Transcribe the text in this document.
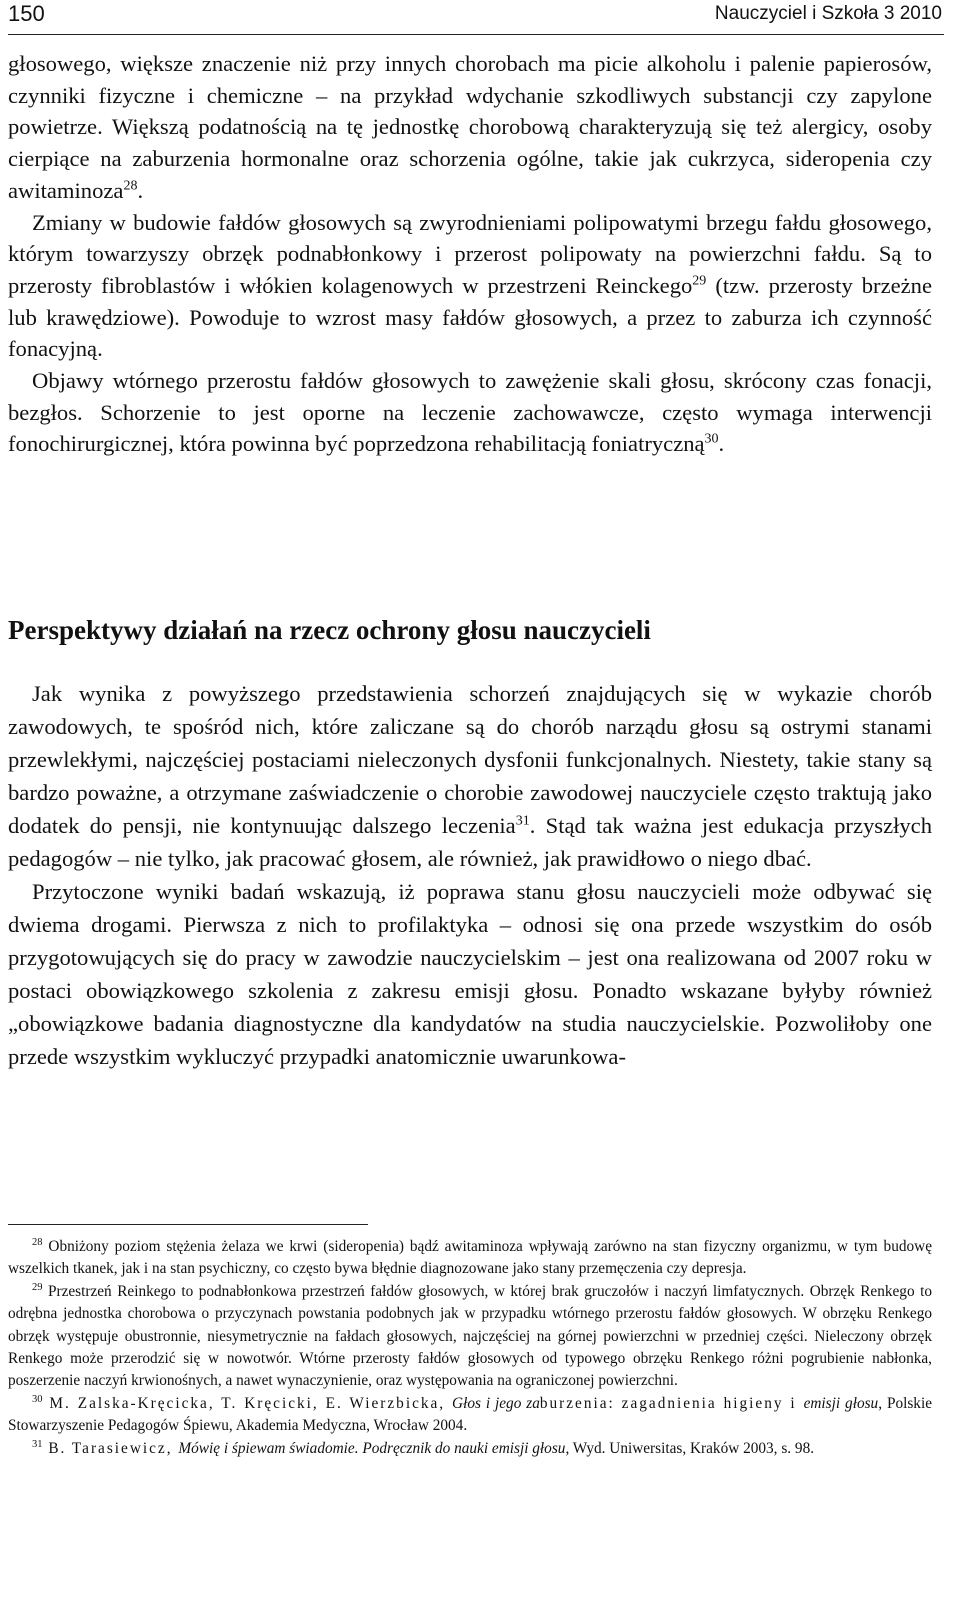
150	Nauczyciel i Szkoła 3 2010

głosowego, większe znaczenie niż przy innych chorobach ma picie alkoholu i palenie papierosów, czynniki fizyczne i chemiczne – na przykład wdychanie szkodliwych substancji czy zapylone powietrze. Większą podatnością na tę jednostkę chorobową charakteryzują się też alergicy, osoby cierpiące na zaburzenia hormonalne oraz schorzenia ogólne, takie jak cukrzyca, sideropenia czy awitaminoza$^{28}$.

Zmiany w budowie fałdów głosowych są zwyrodnieniami polipowatymi brzegu fałdu głosowego, którym towarzyszy obrzęk podnabłonkowy i przerost polipowaty na powierzchni fałdu. Są to przerosty fibroblastów i włókien kolagenowych w przestrzeni Reinckego$^{29}$ (tzw. przerosty brzeżne lub krawędziowe). Powoduje to wzrost masy fałdów głosowych, a przez to zaburza ich czynność fonacyjną.

Objawy wtórnego przerostu fałdów głosowych to zawężenie skali głosu, skrócony czas fonacji, bezgłos. Schorzenie to jest oporne na leczenie zachowawcze, często wymaga interwencji fonochirurgicznej, która powinna być poprzedzona rehabilitacją foniatryczną$^{30}$.

Perspektywy działań na rzecz ochrony głosu nauczycieli

Jak wynika z powyższego przedstawienia schorzeń znajdujących się w wykazie chorób zawodowych, te spośród nich, które zaliczane są do chorób narządu głosu są ostrymi stanami przewlekłymi, najczęściej postaciami nieleczonych dysfonii funkcjonalnych. Niestety, takie stany są bardzo poważne, a otrzymane zaświadczenie o chorobie zawodowej nauczyciele często traktują jako dodatek do pensji, nie kontynuując dalszego leczenia$^{31}$. Stąd tak ważna jest edukacja przyszłych pedagogów – nie tylko, jak pracować głosem, ale również, jak prawidłowo o niego dbać.

Przytoczone wyniki badań wskazują, iż poprawa stanu głosu nauczycieli może odbywać się dwiema drogami. Pierwsza z nich to profilaktyka – odnosi się ona przede wszystkim do osób przygotowujących się do pracy w zawodzie nauczycielskim – jest ona realizowana od 2007 roku w postaci obowiązkowego szkolenia z zakresu emisji głosu. Ponadto wskazane byłyby również „obowiązkowe badania diagnostyczne dla kandydatów na studia nauczycielskie. Pozwoliłoby one przede wszystkim wykluczyć przypadki anatomicznie uwarunkowa-

$^{28}$ Obniżony poziom stężenia żelaza we krwi (sideropenia) bądź awitaminoza wpływają zarówno na stan fizyczny organizmu, w tym budowę wszelkich tkanek, jak i na stan psychiczny, co często bywa błędnie diagnozowane jako stany przemęczenia czy depresja.

$^{29}$ Przestrzeń Reinkego to podnabłonkowa przestrzeń fałdów głosowych, w której brak gruczołów i naczyń limfatycznych. Obrzęk Renkego to odrębna jednostka chorobowa o przyczynach powstania podobnych jak w przypadku wtórnego przerostu fałdów głosowych. W obrzęku Renkego obrzęk występuje obustronnie, niesymetrycznie na fałdach głosowych, najczęściej na górnej powierzchni w przedniej części. Nieleczony obrzęk Renkego może przerodzić się w nowotwór. Wtórne przerosty fałdów głosowych od typowego obrzęku Renkego różni pogrubienie nabłonka, poszerzenie naczyń krwionośnych, a nawet wynaczynienie, oraz występowania na ograniczonej powierzchni.

$^{30}$ M. Zalska-Kręcicka, T. Kręcicki, E. Wierzbicka, Głos i jego zaburzenia: zagadnienia higieny i emisji głosu, Polskie Stowarzyszenie Pedagogów Śpiewu, Akademia Medyczna, Wrocław 2004.

$^{31}$ B. Tarasiewicz, Mówię i śpiewam świadomie. Podręcznik do nauki emisji głosu, Wyd. Uniwersitas, Kraków 2003, s. 98.
